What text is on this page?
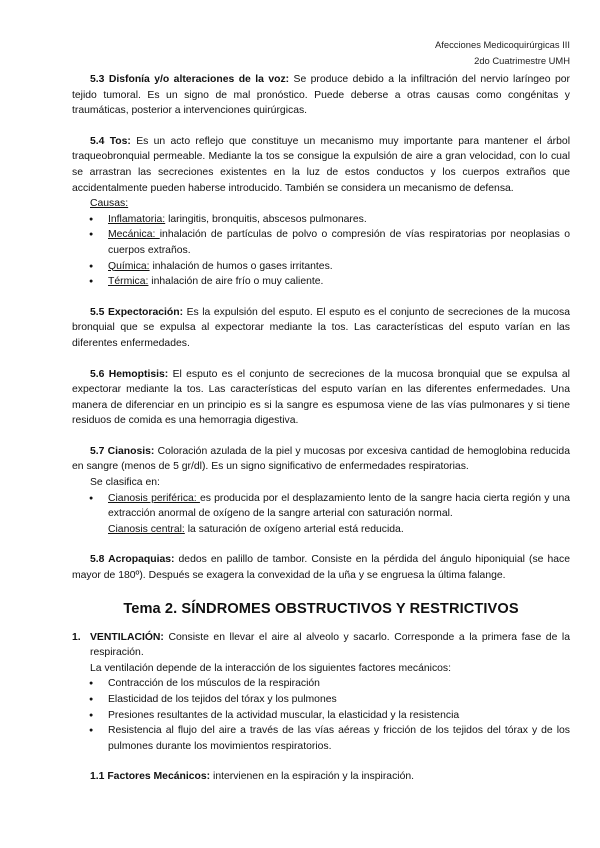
Afecciones Medicoquirúrgicas III
2do Cuatrimestre UMH

5.3 Disfonía y/o alteraciones de la voz: Se produce debido a la infiltración del nervio laríngeo por tejido tumoral. Es un signo de mal pronóstico. Puede deberse a otras causas como congénitas y traumáticas, posterior a intervenciones quirúrgicas.

5.4 Tos: Es un acto reflejo que constituye un mecanismo muy importante para mantener el árbol traqueobronquial permeable. Mediante la tos se consigue la expulsión de aire a gran velocidad, con lo cual se arrastran las secreciones existentes en la luz de estos conductos y los cuerpos extraños que accidentalmente pueden haberse introducido. También se considera un mecanismo de defensa.

Causas:
● Inflamatoria: laringitis, bronquitis, abscesos pulmonares.
● Mecánica: inhalación de partículas de polvo o compresión de vías respiratorias por neoplasias o cuerpos extraños.
● Química: inhalación de humos o gases irritantes.
● Térmica: inhalación de aire frío o muy caliente.

5.5 Expectoración: Es la expulsión del esputo. El esputo es el conjunto de secreciones de la mucosa bronquial que se expulsa al expectorar mediante la tos. Las características del esputo varían en las diferentes enfermedades.

5.6 Hemoptisis: El esputo es el conjunto de secreciones de la mucosa bronquial que se expulsa al expectorar mediante la tos. Las características del esputo varían en las diferentes enfermedades. Una manera de diferenciar en un principio es si la sangre es espumosa viene de las vías pulmonares y si tiene residuos de comida es una hemorragia digestiva.

5.7 Cianosis: Coloración azulada de la piel y mucosas por excesiva cantidad de hemoglobina reducida en sangre (menos de 5 gr/dl). Es un signo significativo de enfermedades respiratorias.

Se clasifica en:
● Cianosis periférica: es producida por el desplazamiento lento de la sangre hacia cierta región y una extracción anormal de oxígeno de la sangre arterial con saturación normal.
Cianosis central: la saturación de oxígeno arterial está reducida.

5.8 Acropaquias: dedos en palillo de tambor. Consiste en la pérdida del ángulo hiponiquial (se hace mayor de 180º). Después se exagera la convexidad de la uña y se engruesa la última falange.

Tema 2. SÍNDROMES OBSTRUCTIVOS Y RESTRICTIVOS
1. VENTILACIÓN: Consiste en llevar el aire al alveolo y sacarlo. Corresponde a la primera fase de la respiración.

La ventilación depende de la interacción de los siguientes factores mecánicos:
● Contracción de los músculos de la respiración
● Elasticidad de los tejidos del tórax y los pulmones
● Presiones resultantes de la actividad muscular, la elasticidad y la resistencia
● Resistencia al flujo del aire a través de las vías aéreas y fricción de los tejidos del tórax y de los pulmones durante los movimientos respiratorios.

1.1 Factores Mecánicos: intervienen en la espiración y la inspiración.
